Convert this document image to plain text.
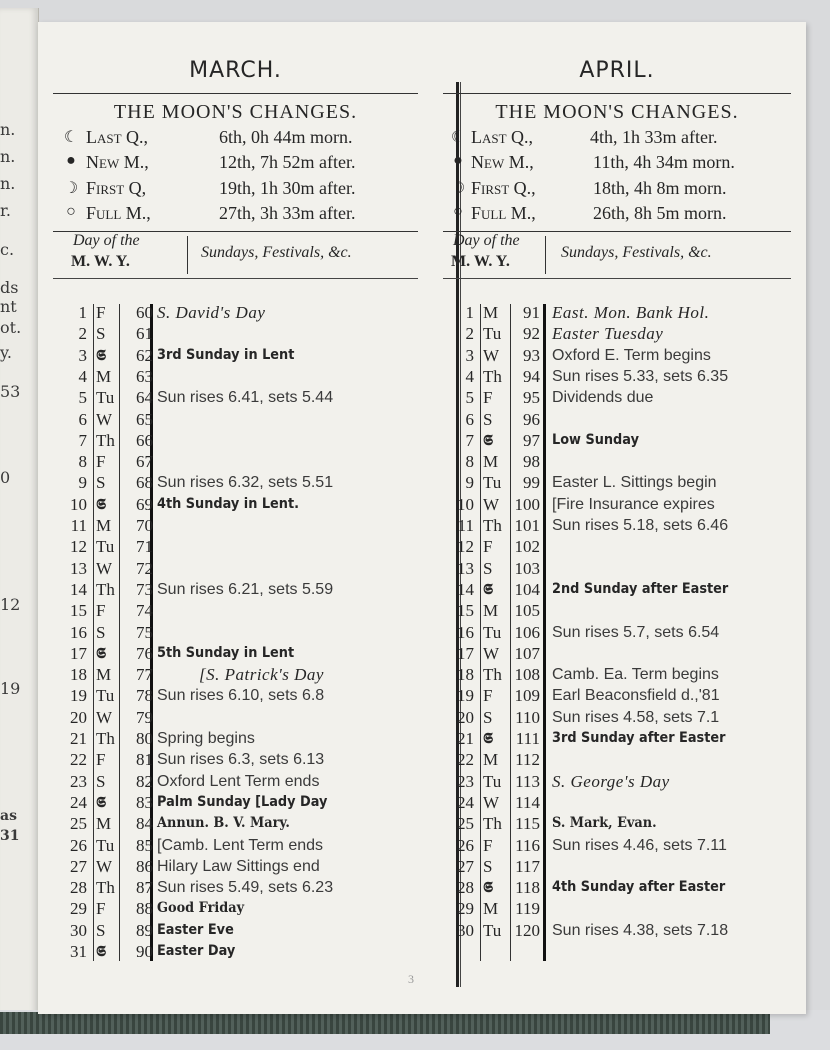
n.
n.
n.
r.
c.
ds
nt
ot.
y.
53
0
12
19
as
31
3
MARCH.
THE MOON'S CHANGES.
☾ Last Q.,	6th, 0h 44m morn.
● New M.,	12th, 7h 52m after.
☽ First Q,	19th, 1h 30m after.
○ Full M.,	27th, 3h 33m after.
Day of the
M. W. Y.
Sundays, Festivals, &c.
1 F	60 S. David's Day
2 S	61
3 𝕾	62 3rd Sunday in Lent
4 M	63
5 Tu	64 Sun rises 6.41, sets 5.44
6 W	65
7 Th	66
8 F	67
9 S	68 Sun rises 6.32, sets 5.51
10 𝕾	69 4th Sunday in Lent.
11 M	70
12 Tu	71
13 W	72
14 Th	73 Sun rises 6.21, sets 5.59
15 F	74
16 S	75
17 𝕾	76 5th Sunday in Lent
18 M	77	[S. Patrick's Day
19 Tu	78 Sun rises 6.10, sets 6.8
20 W	79
21 Th	80 Spring begins
22 F	81 Sun rises 6.3, sets 6.13
23 S	82 Oxford Lent Term ends
24 𝕾	83 Palm Sunday [Lady Day
25 M	84 Annun. B. V. Mary.
26 Tu	85 [Camb. Lent Term ends
27 W	86 Hilary Law Sittings end
28 Th	87 Sun rises 5.49, sets 6.23
29 F	88 Good Friday
30 S	89 Easter Eve
31 𝕾	90 Easter Day
APRIL.
THE MOON'S CHANGES.
☾ Last Q.,	4th, 1h 33m after.
● New M.,	11th, 4h 34m morn.
☽ First Q.,	18th, 4h 8m morn.
○ Full M.,	26th, 8h 5m morn.
Day of the
M. W. Y.
Sundays, Festivals, &c.
1 M	91 East. Mon. Bank Hol.
2 Tu	92 Easter Tuesday
3 W	93 Oxford E. Term begins
4 Th	94 Sun rises 5.33, sets 6.35
5 F	95 Dividends due
6 S	96
7 𝕾	97 Low Sunday
8 M	98
9 Tu	99 Easter L. Sittings begin
10 W 100 [Fire Insurance expires
11 Th 101 Sun rises 5.18, sets 6.46
12 F 102
13 S 103
14 𝕾 104 2nd Sunday after Easter
15 M 105
16 Tu 106 Sun rises 5.7, sets 6.54
17 W 107
18 Th 108 Camb. Ea. Term begins
19 F 109 Earl Beaconsfield d.,'81
20 S	110 Sun rises 4.58, sets 7.1
21 𝕾	111 3rd Sunday after Easter
22 M	112
23 Tu 113 S. George's Day
24 W 114
25 Th 115 S. Mark, Evan.
26 F	116 Sun rises 4.46, sets 7.11
27 S	117
28 𝕾	118 4th Sunday after Easter
29 M	119
30 Tu 120 Sun rises 4.38, sets 7.18
